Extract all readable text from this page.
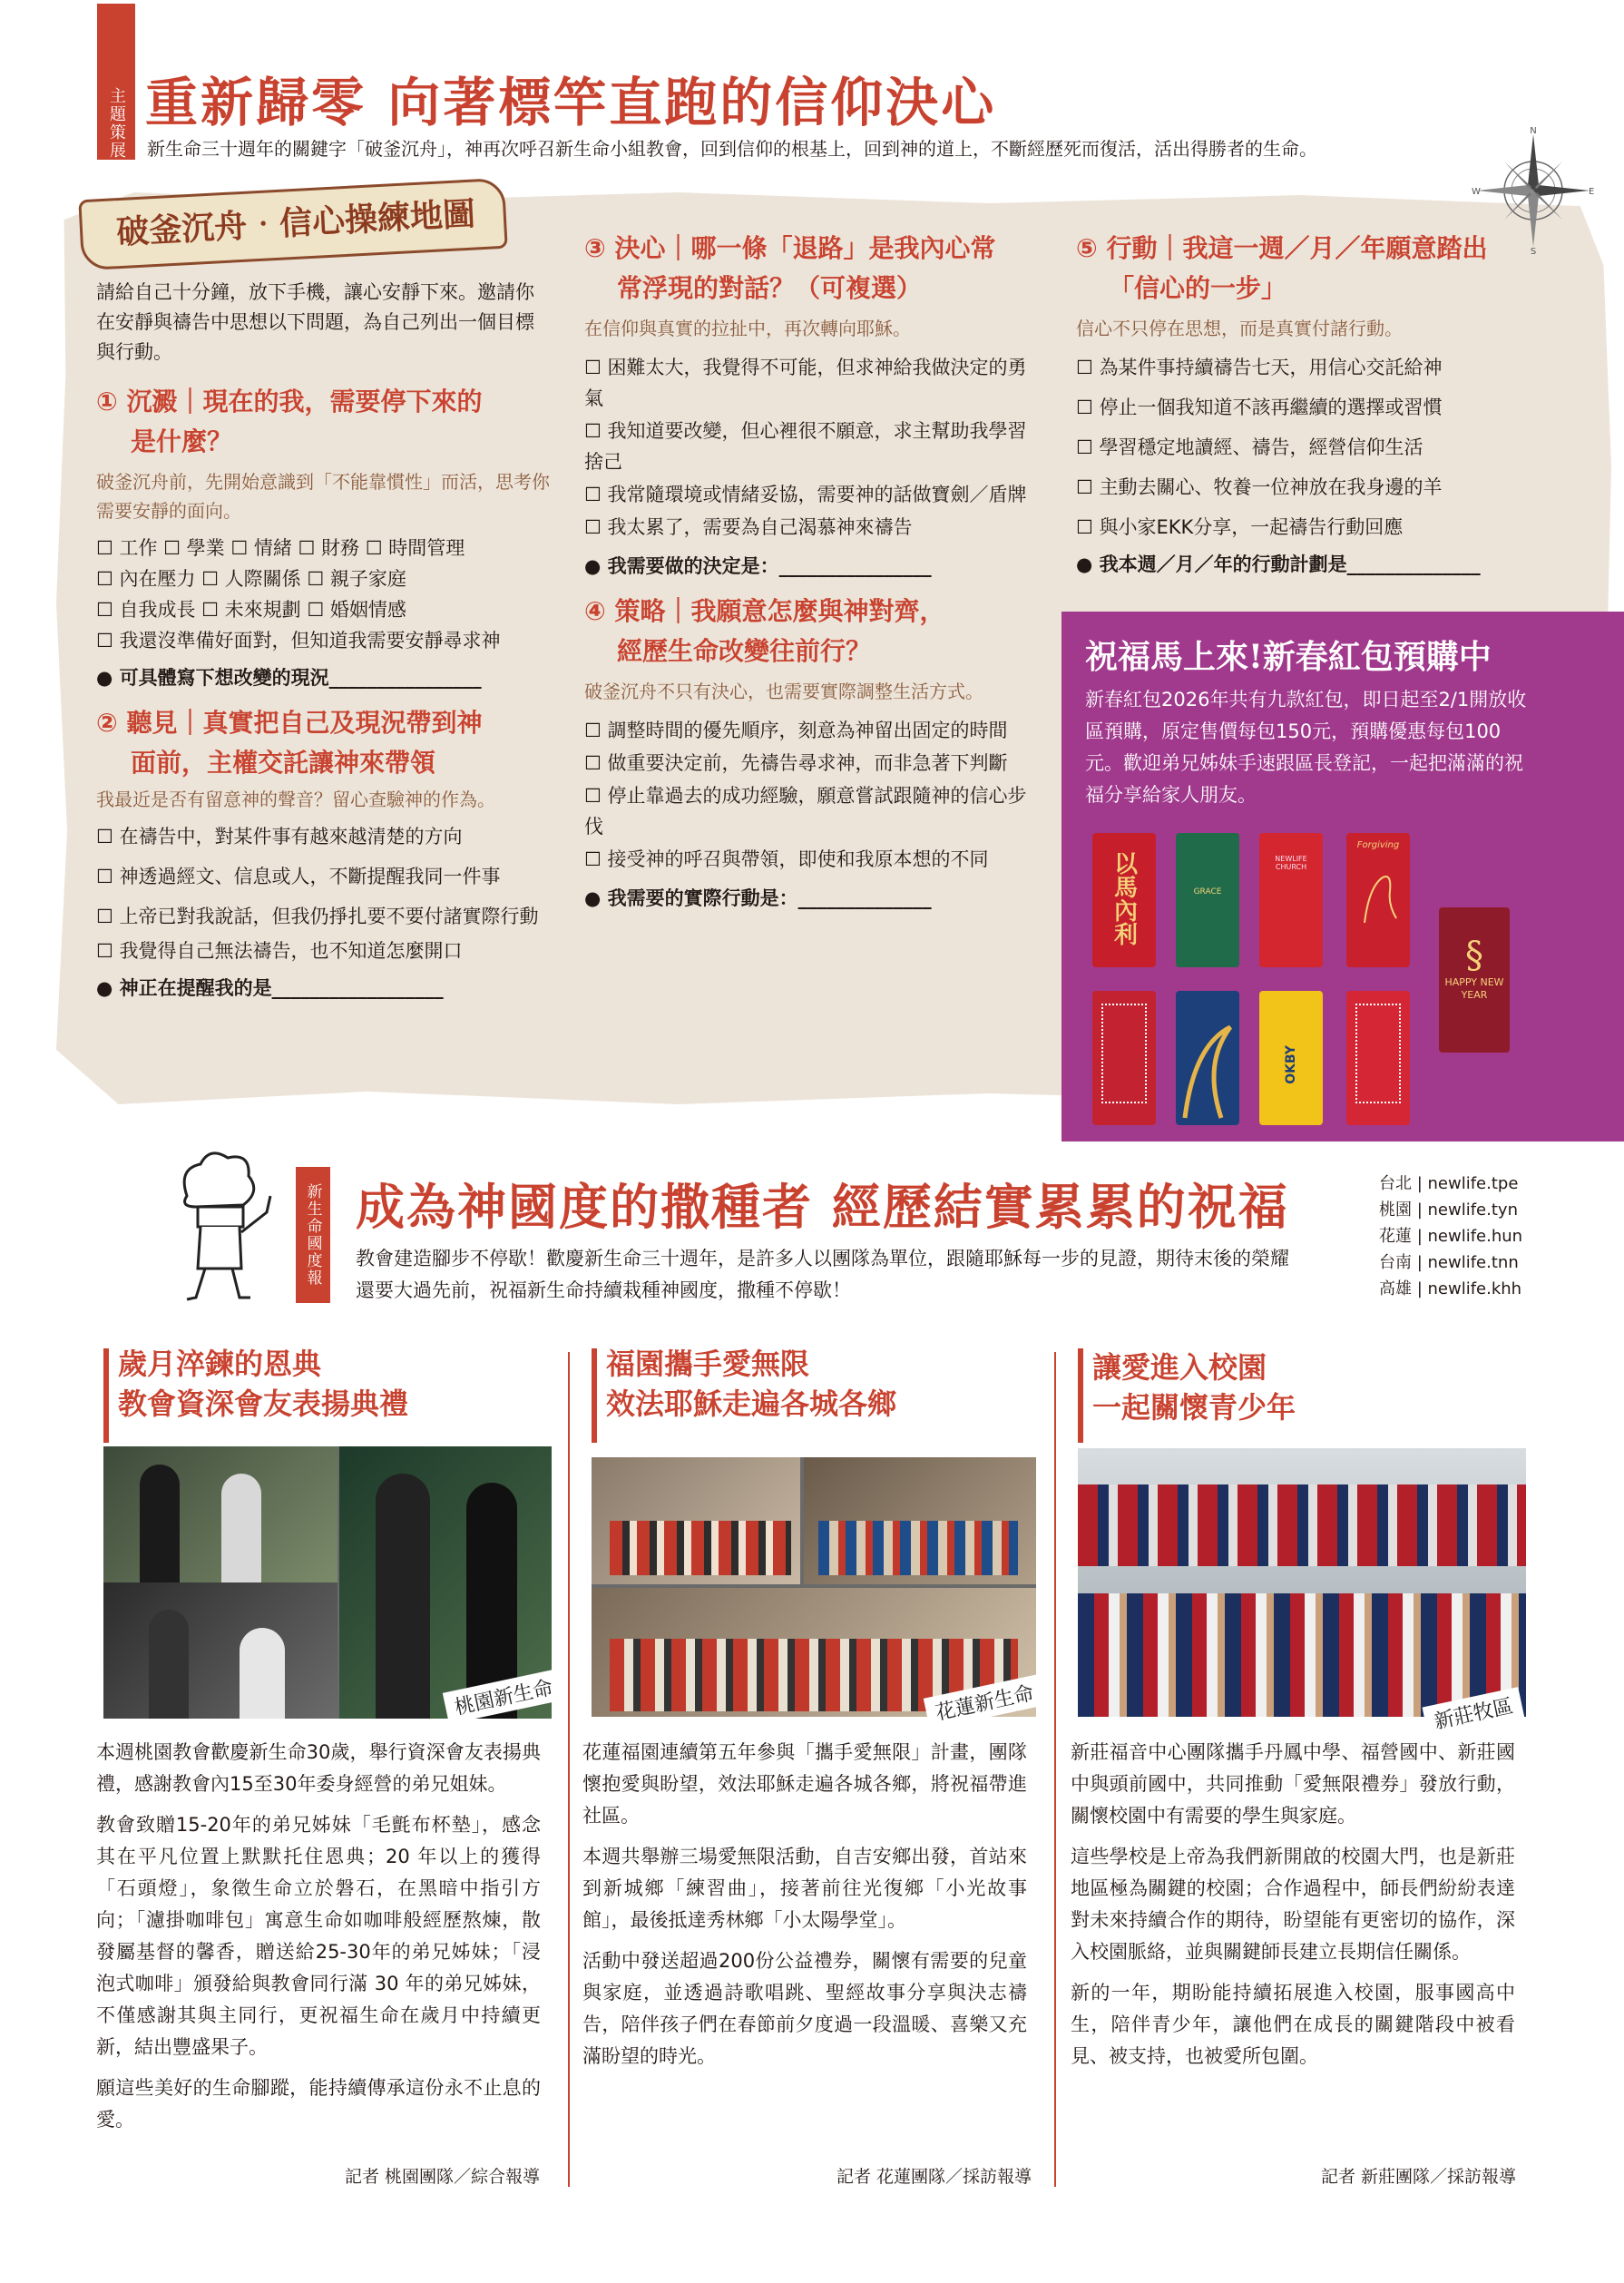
主題策展 重新歸零 向著標竿直跑的信仰決心
新生命三十週年的關鍵字「破釜沉舟」，神再次呼召新生命小組教會，回到信仰的根基上，回到神的道上，不斷經歷死而復活，活出得勝者的生命。
N
S
W	E
破釜沉舟‧信心操練地圖

請給自己十分鐘，放下手機，讓心安靜下來。邀請你在安靜與禱告中思想以下問題，為自己列出一個目標與行動。

① 沉澱｜現在的我，需要停下來的
是什麼？
破釜沉舟前，先開始意識到「不能靠慣性」而活，思考你需要安靜的面向。
☐ 工作 ☐ 學業 ☐ 情緒 ☐ 財務 ☐ 時間管理
☐ 內在壓力 ☐ 人際關係 ☐ 親子家庭
☐ 自我成長 ☐ 未來規劃 ☐ 婚姻情感
☐ 我還沒準備好面對，但知道我需要安靜尋求神
● 可具體寫下想改變的現況________________
② 聽見｜真實把自己及現況帶到神
面前，主權交託讓神來帶領
我最近是否有留意神的聲音？留心查驗神的作為。
☐ 在禱告中，對某件事有越來越清楚的方向
☐ 神透過經文、信息或人，不斷提醒我同一件事
☐ 上帝已對我說話，但我仍掙扎要不要付諸實際行動
☐ 我覺得自己無法禱告，也不知道怎麼開口
● 神正在提醒我的是__________________
③ 決心｜哪一條「退路」是我內心常
常浮現的對話？（可複選）
在信仰與真實的拉扯中，再次轉向耶穌。
☐ 困難太大，我覺得不可能，但求神給我做決定的勇氣
☐ 我知道要改變，但心裡很不願意，求主幫助我學習捨己
☐ 我常隨環境或情緒妥協，需要神的話做寶劍／盾牌
☐ 我太累了，需要為自己渴慕神來禱告
● 我需要做的決定是：________________
④ 策略｜我願意怎麼與神對齊，
經歷生命改變往前行？
破釜沉舟不只有決心，也需要實際調整生活方式。
☐ 調整時間的優先順序，刻意為神留出固定的時間
☐ 做重要決定前，先禱告尋求神，而非急著下判斷
☐ 停止靠過去的成功經驗，願意嘗試跟隨神的信心步伐
☐ 接受神的呼召與帶領，即使和我原本想的不同
● 我需要的實際行動是：______________
⑤ 行動｜我這一週／月／年願意踏出
「信心的一步」
信心不只停在思想，而是真實付諸行動。
☐ 為某件事持續禱告七天，用信心交託給神
☐ 停止一個我知道不該再繼續的選擇或習慣
☐ 學習穩定地讀經、禱告，經營信仰生活
☐ 主動去關心、牧養一位神放在我身邊的羊
☐ 與小家EKK分享，一起禱告行動回應
● 我本週／月／年的行動計劃是______________
祝福馬上來!新春紅包預購中
新春紅包2026年共有九款紅包，即日起至2/1開放收區預購，原定售價每包150元，預購優惠每包100元。歡迎弟兄姊妹手速跟區長登記，一起把滿滿的祝福分享給家人朋友。
以馬內利	GRACE
NEWLIFE CHURCH
Forgiving
§
HAPPY NEW YEAR
OKBY
新生命國度報 成為神國度的撒種者 經歷結實累累的祝福
教會建造腳步不停歇！歡慶新生命三十週年，是許多人以團隊為單位，跟隨耶穌每一步的見證，期待末後的榮耀還要大過先前，祝福新生命持續栽種神國度，撒種不停歇！
台北 | newlife.tpe
桃園 | newlife.tyn
花蓮 | newlife.hun
台南 | newlife.tnn
高雄 | newlife.khh
歲月淬鍊的恩典
教會資深會友表揚典禮
桃園新生命

本週桃園教會歡慶新生命30歲，舉行資深會友表揚典禮，感謝教會內15至30年委身經營的弟兄姐妹。

教會致贈15-20年的弟兄姊妹「毛氈布杯墊」，感念其在平凡位置上默默托住恩典；20 年以上的獲得「石頭燈」，象徵生命立於磐石，在黑暗中指引方向；「濾掛咖啡包」寓意生命如咖啡般經歷熬煉，散發屬基督的馨香，贈送給25-30年的弟兄姊妹；「浸泡式咖啡」頒發給與教會同行滿 30 年的弟兄姊妹，不僅感謝其與主同行，更祝福生命在歲月中持續更新，結出豐盛果子。

願這些美好的生命腳蹤，能持續傳承這份永不止息的愛。

記者 桃園團隊／綜合報導
福園攜手愛無限
效法耶穌走遍各城各鄉
花蓮新生命

花蓮福園連續第五年參與「攜手愛無限」計畫，團隊懷抱愛與盼望，效法耶穌走遍各城各鄉，將祝福帶進社區。

本週共舉辦三場愛無限活動，自吉安鄉出發，首站來到新城鄉「練習曲」，接著前往光復鄉「小光故事館」，最後抵達秀林鄉「小太陽學堂」。

活動中發送超過200份公益禮券，關懷有需要的兒童與家庭，並透過詩歌唱跳、聖經故事分享與決志禱告，陪伴孩子們在春節前夕度過一段溫暖、喜樂又充滿盼望的時光。

記者 花蓮團隊／採訪報導
讓愛進入校園
一起關懷青少年
新莊牧區

新莊福音中心團隊攜手丹鳳中學、福營國中、新莊國中與頭前國中，共同推動「愛無限禮券」發放行動，關懷校園中有需要的學生與家庭。

這些學校是上帝為我們新開啟的校園大門，也是新莊地區極為關鍵的校園；合作過程中，師長們紛紛表達對未來持續合作的期待，盼望能有更密切的協作，深入校園脈絡，並與關鍵師長建立長期信任關係。

新的一年，期盼能持續拓展進入校園，服事國高中生，陪伴青少年，讓他們在成長的關鍵階段中被看見、被支持，也被愛所包圍。

記者 新莊團隊／採訪報導
